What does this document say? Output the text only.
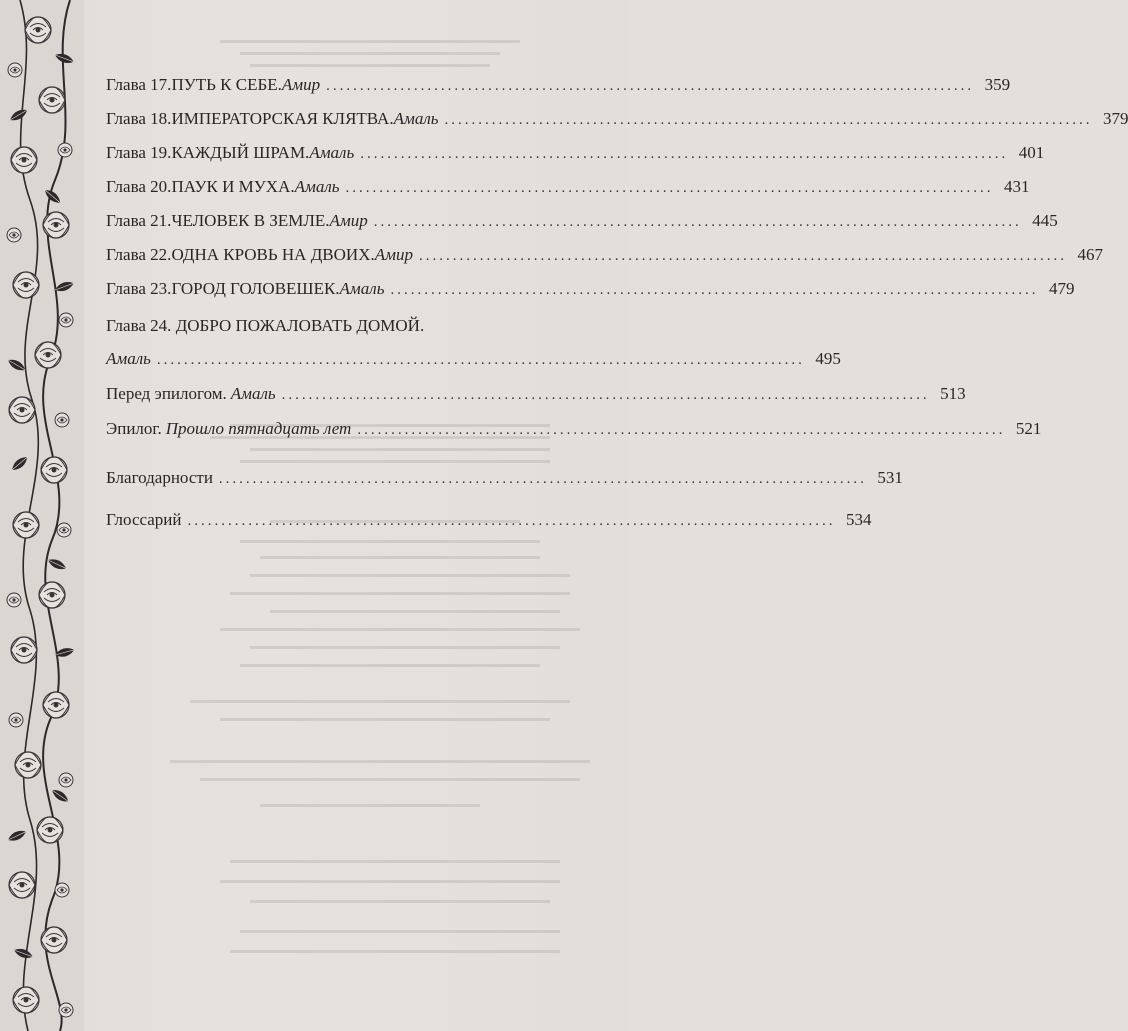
Глава 17. ПУТЬ К СЕБЕ. Амир ................................................................................................ 359
Глава 18. ИМПЕРАТОРСКАЯ КЛЯТВА. Амаль ................................................................................................ 379
Глава 19. КАЖДЫЙ ШРАМ. Амаль ................................................................................................ 401
Глава 20. ПАУК И МУХА. Амаль ................................................................................................ 431
Глава 21. ЧЕЛОВЕК В ЗЕМЛЕ. Амир ................................................................................................ 445
Глава 22. ОДНА КРОВЬ НА ДВОИХ. Амир ................................................................................................ 467
Глава 23. ГОРОД ГОЛОВЕШЕК. Амаль ................................................................................................ 479
Глава 24. ДОБРО ПОЖАЛОВАТЬ ДОМОЙ.
Амаль ................................................................................................ 495
Перед эпилогом. Амаль ................................................................................................ 513
Эпилог. Прошло пятнадцать лет ................................................................................................ 521
Благодарности ................................................................................................ 531
Глоссарий ................................................................................................ 534
